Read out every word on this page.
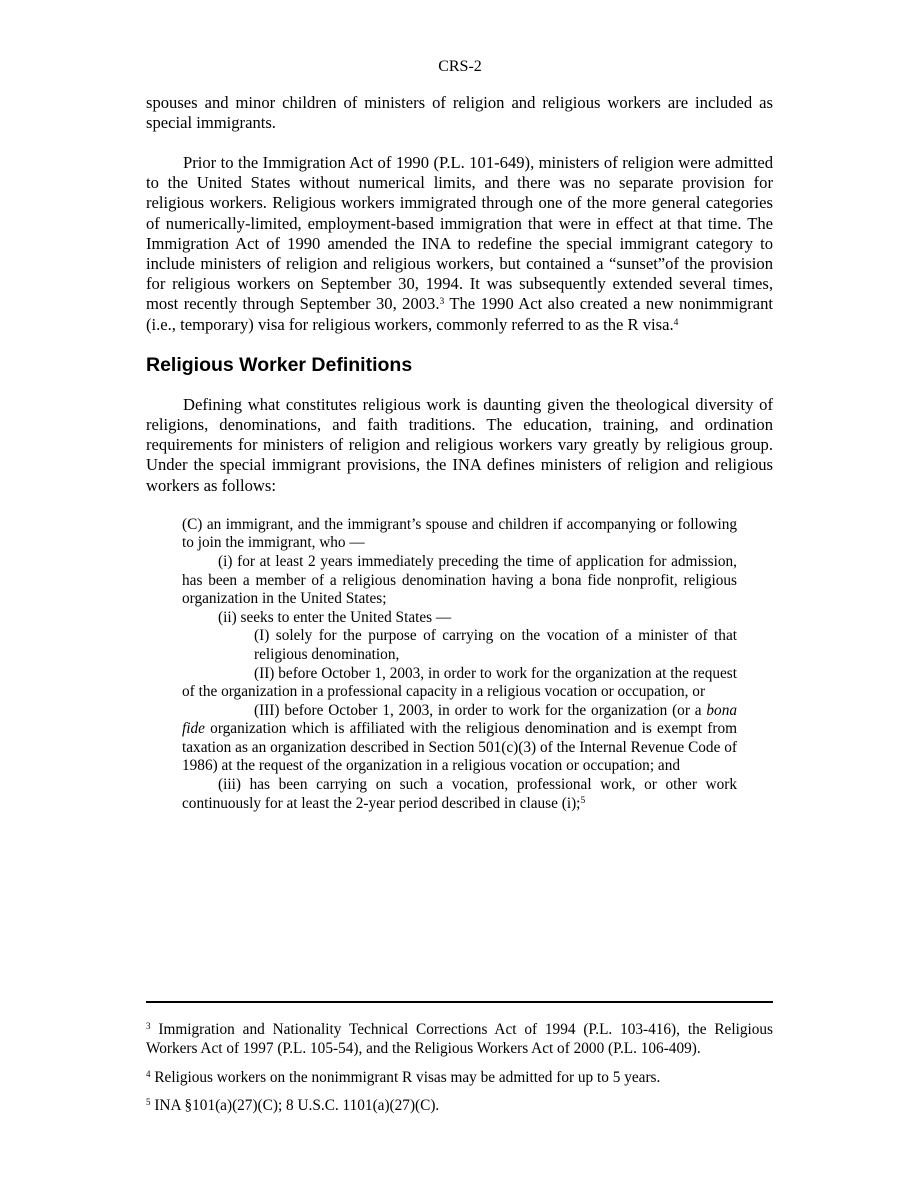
CRS-2

spouses and minor children of ministers of religion and religious workers are included as special immigrants.

Prior to the Immigration Act of 1990 (P.L. 101-649), ministers of religion were admitted to the United States without numerical limits, and there was no separate provision for religious workers. Religious workers immigrated through one of the more general categories of numerically-limited, employment-based immigration that were in effect at that time. The Immigration Act of 1990 amended the INA to redefine the special immigrant category to include ministers of religion and religious workers, but contained a “sunset”of the provision for religious workers on September 30, 1994. It was subsequently extended several times, most recently through September 30, 2003.$^3$ The 1990 Act also created a new nonimmigrant (i.e., temporary) visa for religious workers, commonly referred to as the R visa.$^4$

Religious Worker Definitions

Defining what constitutes religious work is daunting given the theological diversity of religions, denominations, and faith traditions. The education, training, and ordination requirements for ministers of religion and religious workers vary greatly by religious group. Under the special immigrant provisions, the INA defines ministers of religion and religious workers as follows:

(C) an immigrant, and the immigrant’s spouse and children if accompanying or following to join the immigrant, who —

(i) for at least 2 years immediately preceding the time of application for admission, has been a member of a religious denomination having a bona fide nonprofit, religious organization in the United States;

(ii) seeks to enter the United States —

(I) solely for the purpose of carrying on the vocation of a minister of that religious denomination,

(II) before October 1, 2003, in order to work for the organization at the request of the organization in a professional capacity in a religious vocation or occupation, or

(III) before October 1, 2003, in order to work for the organization (or a bona fide organization which is affiliated with the religious denomination and is exempt from taxation as an organization described in Section 501(c)(3) of the Internal Revenue Code of 1986) at the request of the organization in a religious vocation or occupation; and

(iii) has been carrying on such a vocation, professional work, or other work continuously for at least the 2-year period described in clause (i);$^5$

$^3$ Immigration and Nationality Technical Corrections Act of 1994 (P.L. 103-416), the Religious Workers Act of 1997 (P.L. 105-54), and the Religious Workers Act of 2000 (P.L. 106-409).

$^4$ Religious workers on the nonimmigrant R visas may be admitted for up to 5 years.

$^5$ INA §101(a)(27)(C); 8 U.S.C. 1101(a)(27)(C).
